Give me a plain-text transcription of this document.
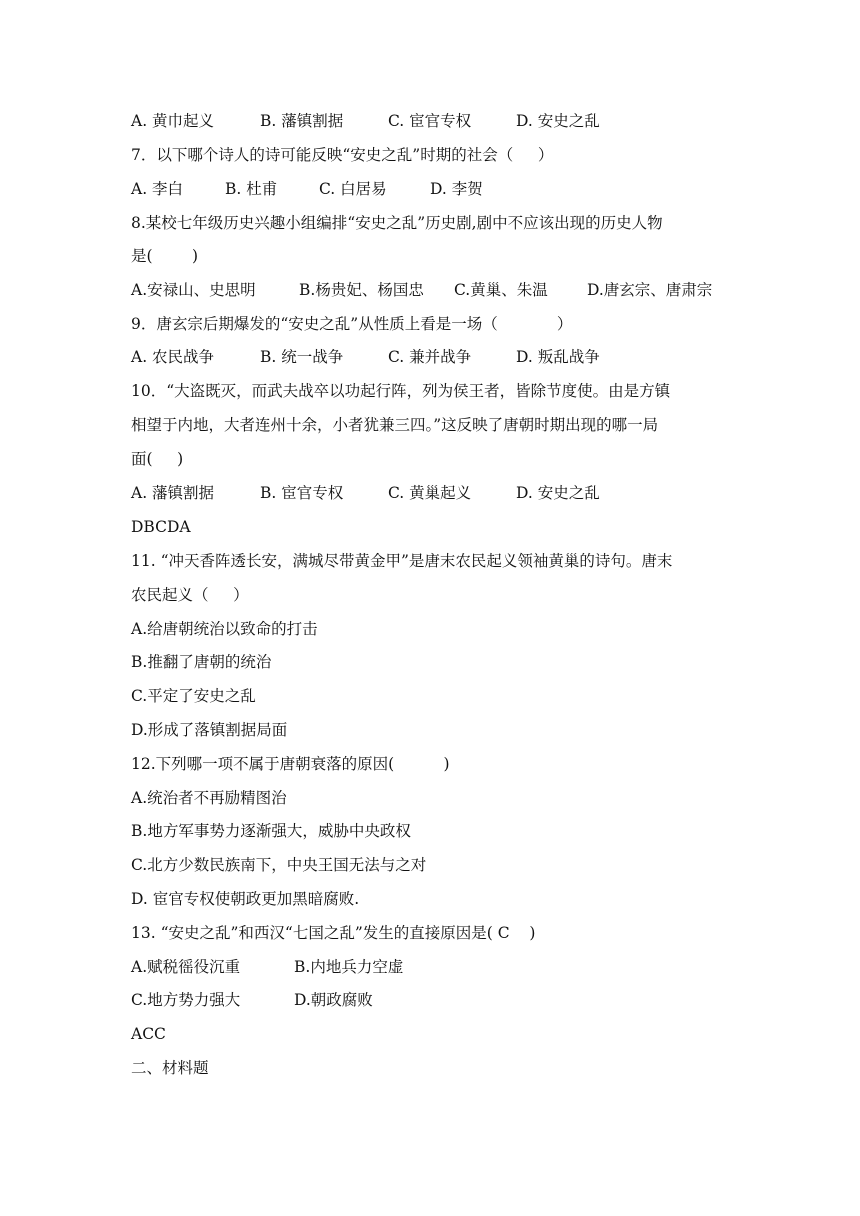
A. 黄巾起义	B. 藩镇割据	C. 宦官专权	D. 安史之乱
7．以下哪个诗人的诗可能反映“安史之乱”时期的社会（     ）
A. 李白	B. 杜甫	C. 白居易	D. 李贺
8.某校七年级历史兴趣小组编排“安史之乱”历史剧,剧中不应该出现的历史人物
是(        )
A.安禄山、史思明	B.杨贵妃、杨国忠 C.黄巢、朱温	D.唐玄宗、唐肃宗
9．唐玄宗后期爆发的“安史之乱”从性质上看是一场（            ）
A. 农民战争	B. 统一战争	C. 兼并战争	D. 叛乱战争
10．“大盗既灭，而武夫战卒以功起行阵，列为侯王者，皆除节度使。由是方镇
相望于内地，大者连州十余，小者犹兼三四。”这反映了唐朝时期出现的哪一局
面(     )
A. 藩镇割据	B. 宦官专权	C. 黄巢起义	D. 安史之乱
DBCDA
11. “冲天香阵透长安，满城尽带黄金甲”是唐末农民起义领袖黄巢的诗句。唐末
农民起义（     ）
A.给唐朝统治以致命的打击
B.推翻了唐朝的统治
C.平定了安史之乱
D.形成了落镇割据局面
12.下列哪一项不属于唐朝衰落的原因(          )
A.统治者不再励精图治
B.地方军事势力逐渐强大，威胁中央政权
C.北方少数民族南下，中央王国无法与之对
D. 宦官专权使朝政更加黑暗腐败.
13. “安史之乱”和西汉“七国之乱”发生的直接原因是( C    )
A.赋税徭役沉重	B.内地兵力空虚
C.地方势力强大	D.朝政腐败
ACC
二、材料题
